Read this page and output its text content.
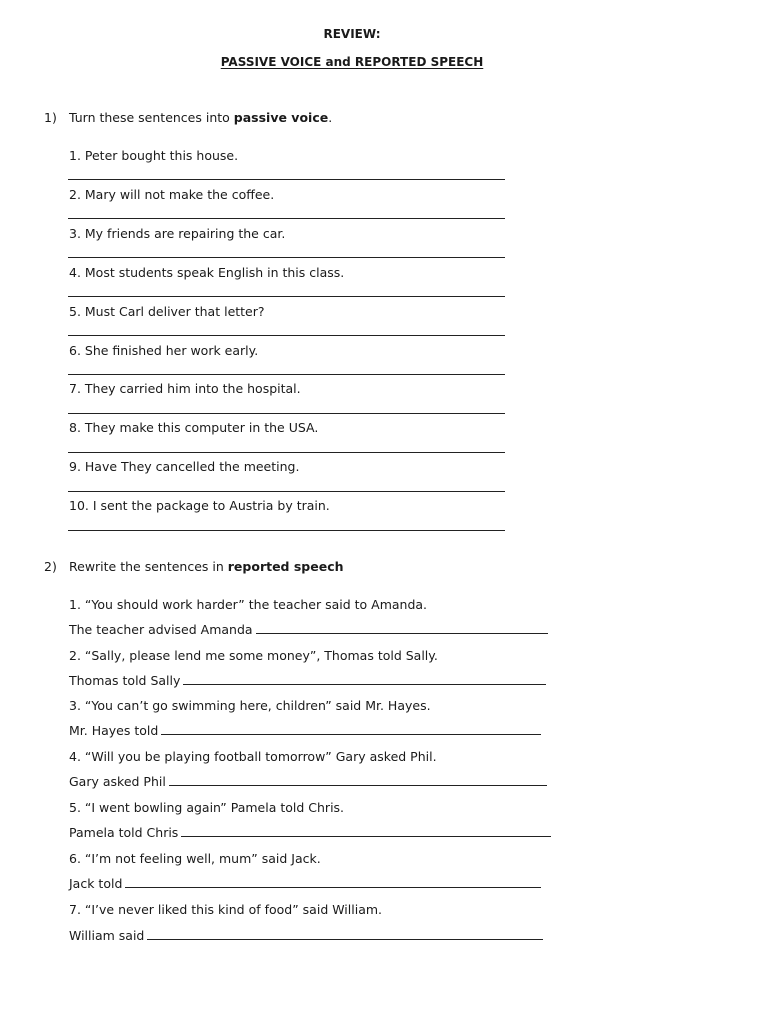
REVIEW:
PASSIVE VOICE and REPORTED SPEECH
1) Turn these sentences into passive voice.
1. Peter bought this house.
2. Mary will not make the coffee.
3. My friends are repairing the car.
4. Most students speak English in this class.
5. Must Carl deliver that letter?
6. She finished her work early.
7. They carried him into the hospital.
8. They make this computer in the USA.
9. Have They cancelled the meeting.
10. I sent the package to Austria by train.
2) Rewrite the sentences in reported speech
1. “You should work harder” the teacher said to Amanda.
The teacher advised Amanda
2. “Sally, please lend me some money”, Thomas told Sally.
Thomas told Sally
3. “You can’t go swimming here, children” said Mr. Hayes.
Mr. Hayes told
4. “Will you be playing football tomorrow” Gary asked Phil.
Gary asked Phil
5. “I went bowling again” Pamela told Chris.
Pamela told Chris
6. “I’m not feeling well, mum” said Jack.
Jack told
7. “I’ve never liked this kind of food” said William.
William said
